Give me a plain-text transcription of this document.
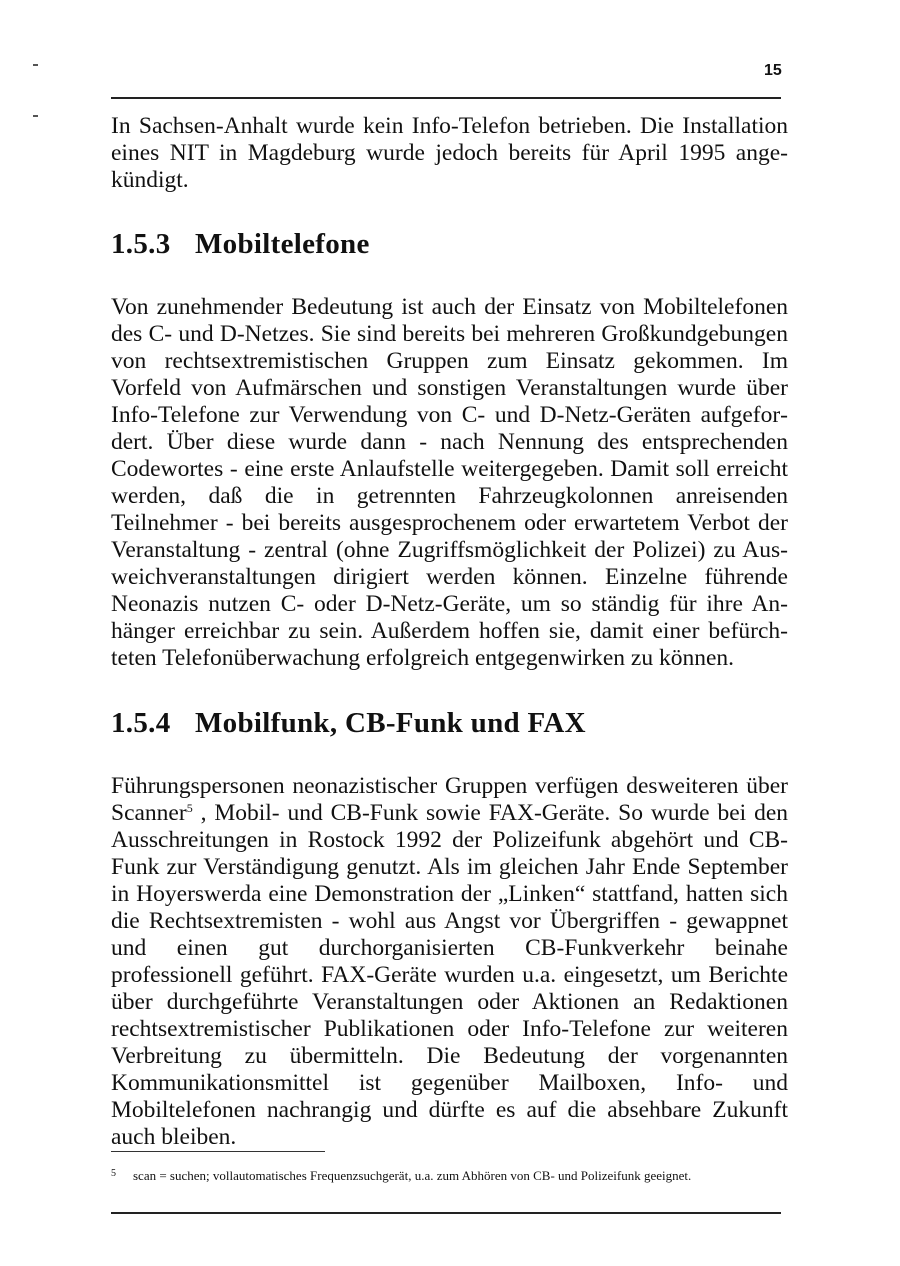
15

In Sachsen-Anhalt wurde kein Info-Telefon betrieben. Die Installation eines NIT in Magdeburg wurde jedoch bereits für April 1995 angekündigt.

1.5.3 Mobiltelefone

Von zunehmender Bedeutung ist auch der Einsatz von Mobiltelefonen des C- und D-Netzes. Sie sind bereits bei mehreren Großkundgebungen von rechtsextremistischen Gruppen zum Einsatz gekommen. Im Vorfeld von Aufmärschen und sonstigen Veranstaltungen wurde über Info-Telefone zur Verwendung von C- und D-Netz-Geräten aufgefordert. Über diese wurde dann - nach Nennung des entsprechenden Codewortes - eine erste Anlaufstelle weitergegeben. Damit soll erreicht werden, daß die in getrennten Fahrzeugkolonnen anreisenden Teilnehmer - bei bereits ausgesprochenem oder erwartetem Verbot der Veranstaltung - zentral (ohne Zugriffsmöglichkeit der Polizei) zu Ausweichveranstaltungen dirigiert werden können. Einzelne führende Neonazis nutzen C- oder D-Netz-Geräte, um so ständig für ihre Anhänger erreichbar zu sein. Außerdem hoffen sie, damit einer befürchteten Telefonüberwachung erfolgreich entgegenwirken zu können.

1.5.4 Mobilfunk, CB-Funk und FAX

Führungspersonen neonazistischer Gruppen verfügen desweiteren über Scanner$^5$ , Mobil- und CB-Funk sowie FAX-Geräte. So wurde bei den Ausschreitungen in Rostock 1992 der Polizeifunk abgehört und CB-Funk zur Verständigung genutzt. Als im gleichen Jahr Ende September in Hoyerswerda eine Demonstration der „Linken“ stattfand, hatten sich die Rechtsextremisten - wohl aus Angst vor Übergriffen - gewappnet und einen gut durchorganisierten CB-Funkverkehr beinahe professionell geführt. FAX-Geräte wurden u.a. eingesetzt, um Berichte über durchgeführte Veranstaltungen oder Aktionen an Redaktionen rechtsextremistischer Publikationen oder Info-Telefone zur weiteren Verbreitung zu übermitteln. Die Bedeutung der vorgenannten Kommunikationsmittel ist gegenüber Mailboxen, Info- und Mobiltelefonen nachrangig und dürfte es auf die absehbare Zukunft auch bleiben.

5 scan = suchen; vollautomatisches Frequenzsuchgerät, u.a. zum Abhören von CB- und Polizeifunk geeignet.
